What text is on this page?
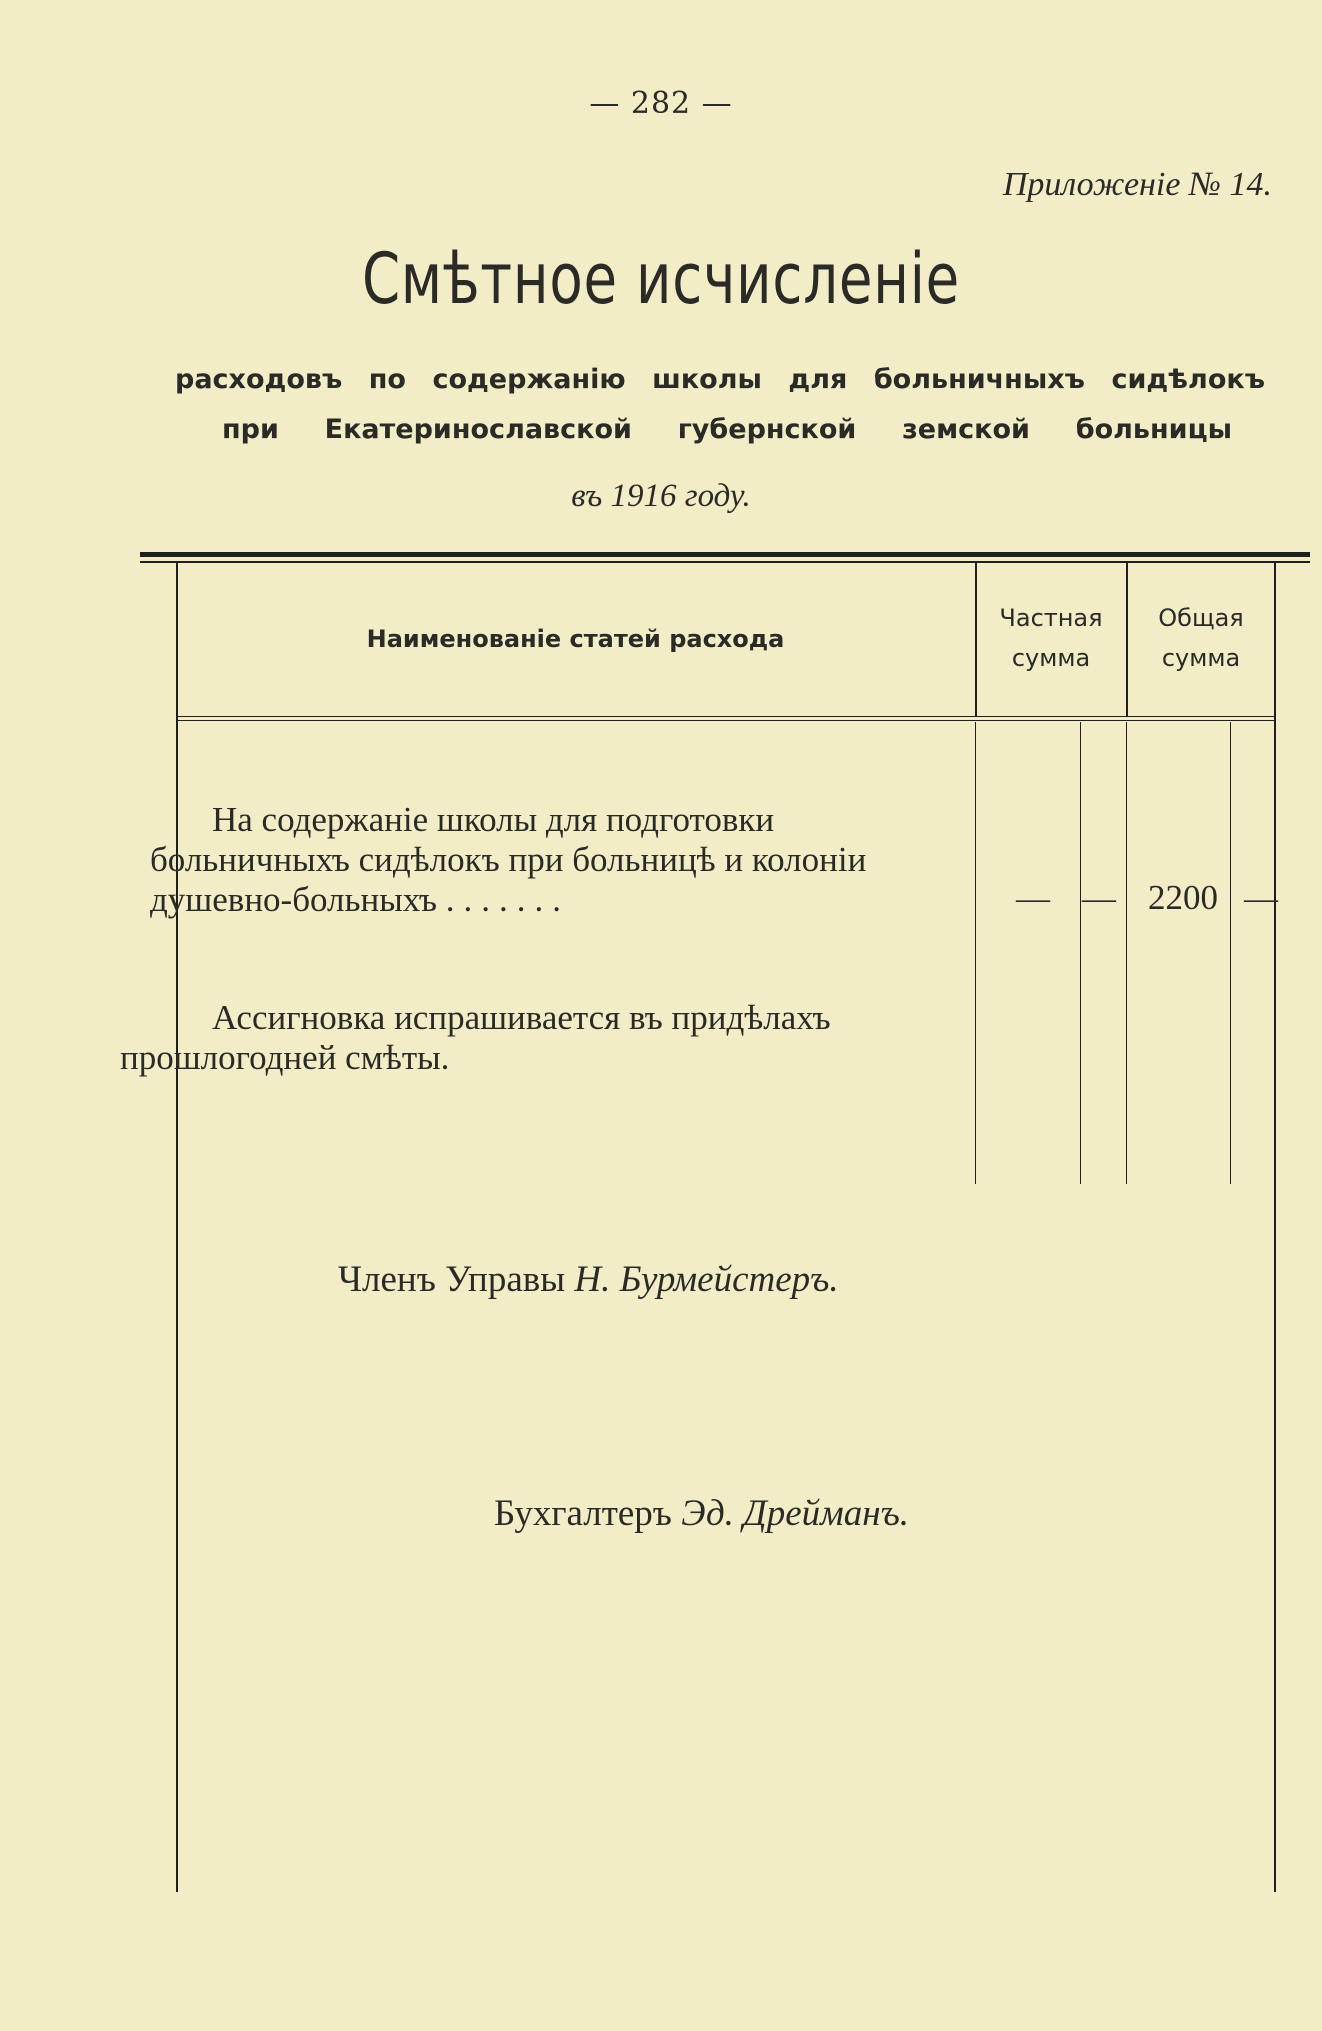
— 282 —
Приложеніе № 14.
Смѣтное исчисленіе
расходовъ по содержанію школы для больничныхъ сидѣлокъ
при Екатеринославской губернской земской больницы
въ 1916 году.
Наименованіе статей расхода
Частная
сумма
Общая
сумма
На содержаніе школы для подготовки больничныхъ сидѣлокъ при больницѣ и колоніи душевно-больныхъ .......	— — 2200 —
Ассигновка испрашивается въ придѣлахъ прошлогодней смѣты.
Членъ Управы Н. Бурмейстеръ.
Бухгалтеръ Эд. Дрейманъ.
